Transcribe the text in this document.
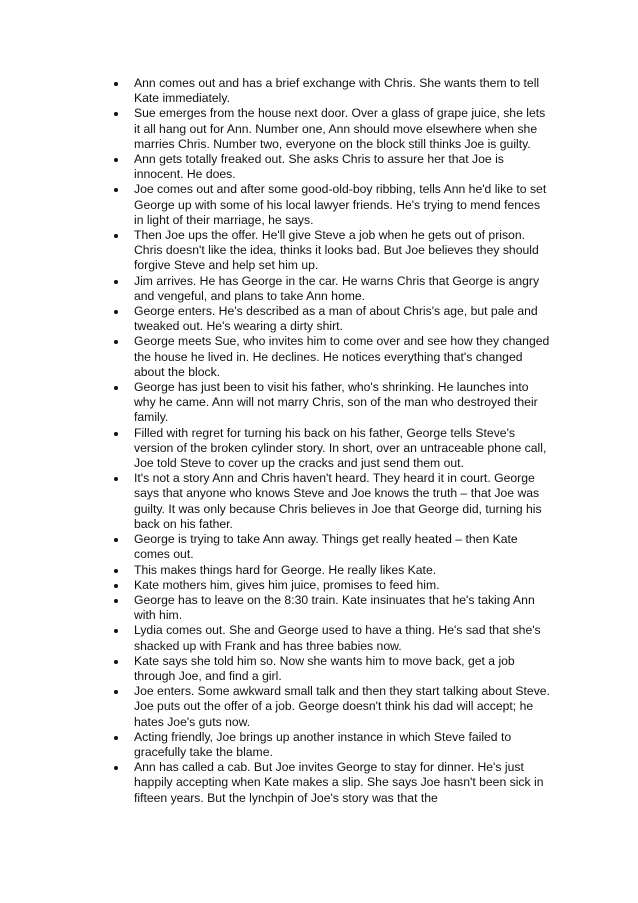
Ann comes out and has a brief exchange with Chris. She wants them to tell Kate immediately.
Sue emerges from the house next door. Over a glass of grape juice, she lets it all hang out for Ann. Number one, Ann should move elsewhere when she marries Chris. Number two, everyone on the block still thinks Joe is guilty.
Ann gets totally freaked out. She asks Chris to assure her that Joe is innocent. He does.
Joe comes out and after some good-old-boy ribbing, tells Ann he'd like to set George up with some of his local lawyer friends. He's trying to mend fences in light of their marriage, he says.
Then Joe ups the offer. He'll give Steve a job when he gets out of prison. Chris doesn't like the idea, thinks it looks bad. But Joe believes they should forgive Steve and help set him up.
Jim arrives. He has George in the car. He warns Chris that George is angry and vengeful, and plans to take Ann home.
George enters. He's described as a man of about Chris's age, but pale and tweaked out. He's wearing a dirty shirt.
George meets Sue, who invites him to come over and see how they changed the house he lived in. He declines. He notices everything that's changed about the block.
George has just been to visit his father, who's shrinking. He launches into why he came. Ann will not marry Chris, son of the man who destroyed their family.
Filled with regret for turning his back on his father, George tells Steve's version of the broken cylinder story. In short, over an untraceable phone call, Joe told Steve to cover up the cracks and just send them out.
It's not a story Ann and Chris haven't heard. They heard it in court. George says that anyone who knows Steve and Joe knows the truth – that Joe was guilty. It was only because Chris believes in Joe that George did, turning his back on his father.
George is trying to take Ann away. Things get really heated – then Kate comes out.
This makes things hard for George. He really likes Kate.
Kate mothers him, gives him juice, promises to feed him.
George has to leave on the 8:30 train. Kate insinuates that he's taking Ann with him.
Lydia comes out. She and George used to have a thing. He's sad that she's shacked up with Frank and has three babies now.
Kate says she told him so. Now she wants him to move back, get a job through Joe, and find a girl.
Joe enters. Some awkward small talk and then they start talking about Steve. Joe puts out the offer of a job. George doesn't think his dad will accept; he hates Joe's guts now.
Acting friendly, Joe brings up another instance in which Steve failed to gracefully take the blame.
Ann has called a cab. But Joe invites George to stay for dinner. He's just happily accepting when Kate makes a slip. She says Joe hasn't been sick in fifteen years. But the lynchpin of Joe's story was that the
